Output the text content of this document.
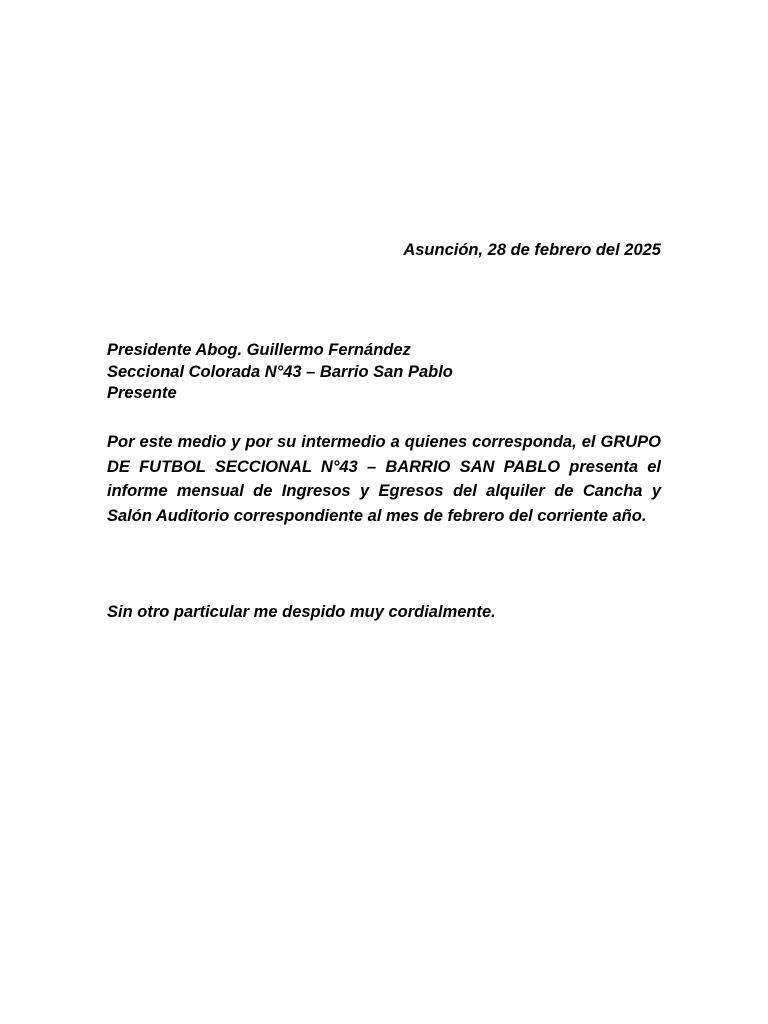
Asunción, 28 de febrero del 2025
Presidente Abog. Guillermo Fernández
Seccional Colorada N°43 – Barrio San Pablo
Presente

Por este medio y por su intermedio a quienes corresponda, el GRUPO DE FUTBOL SECCIONAL N°43 – BARRIO SAN PABLO presenta el informe mensual de Ingresos y Egresos del alquiler de Cancha y Salón Auditorio correspondiente al mes de febrero del corriente año.

Sin otro particular me despido muy cordialmente.
